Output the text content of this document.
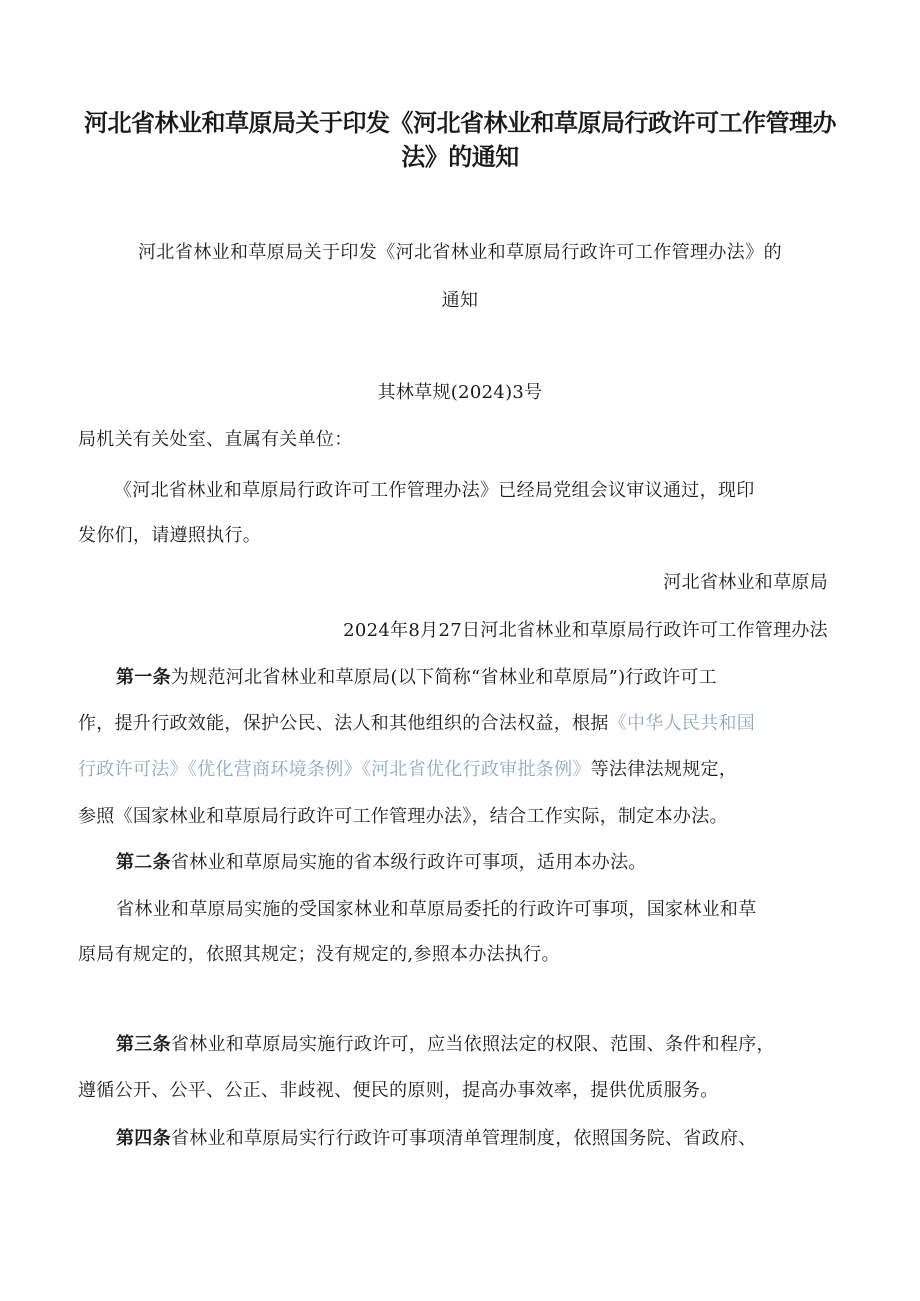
河北省林业和草原局关于印发《河北省林业和草原局行政许可工作管理办
法》的通知
河北省林业和草原局关于印发《河北省林业和草原局行政许可工作管理办法》的
通知
其林草规(2024)3号
局机关有关处室、直属有关单位：
《河北省林业和草原局行政许可工作管理办法》已经局党组会议审议通过，现印
发你们，请遵照执行。
河北省林业和草原局
2024年8月27日河北省林业和草原局行政许可工作管理办法
第一条为规范河北省林业和草原局(以下简称“省林业和草原局”)行政许可工
作，提升行政效能，保护公民、法人和其他组织的合法权益，根据《中华人民共和国
行政许可法》《优化营商环境条例》《河北省优化行政审批条例》等法律法规规定，
参照《国家林业和草原局行政许可工作管理办法》，结合工作实际，制定本办法。
第二条省林业和草原局实施的省本级行政许可事项，适用本办法。
省林业和草原局实施的受国家林业和草原局委托的行政许可事项，国家林业和草
原局有规定的，依照其规定；没有规定的,参照本办法执行。
第三条省林业和草原局实施行政许可，应当依照法定的权限、范围、条件和程序，
遵循公开、公平、公正、非歧视、便民的原则，提高办事效率，提供优质服务。
第四条省林业和草原局实行行政许可事项清单管理制度，依照国务院、省政府、
